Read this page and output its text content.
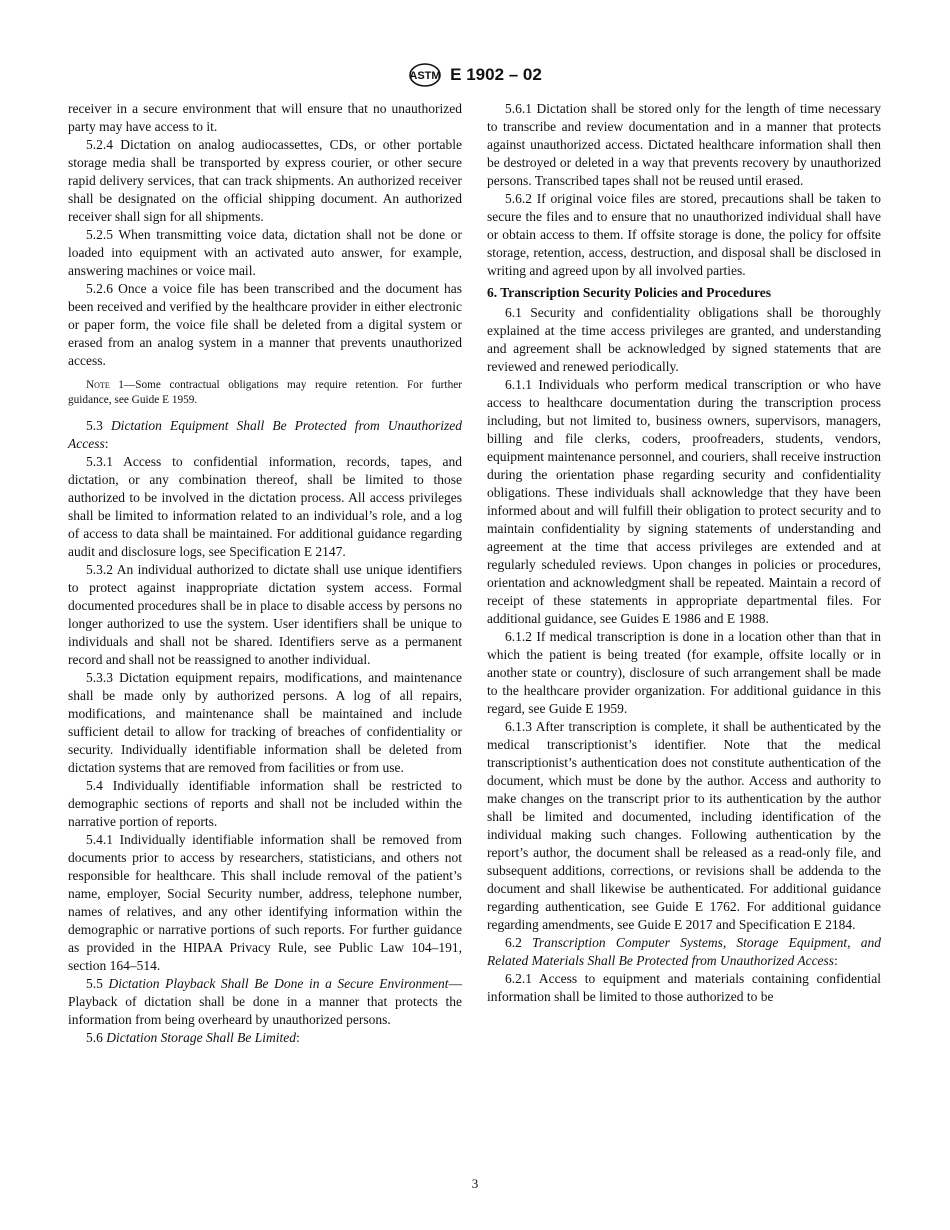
ASTM E 1902 – 02

receiver in a secure environment that will ensure that no unauthorized party may have access to it.

5.2.4 Dictation on analog audiocassettes, CDs, or other portable storage media shall be transported by express courier, or other secure rapid delivery services, that can track shipments. An authorized receiver shall be designated on the official shipping document. An authorized receiver shall sign for all shipments.

5.2.5 When transmitting voice data, dictation shall not be done or loaded into equipment with an activated auto answer, for example, answering machines or voice mail.

5.2.6 Once a voice file has been transcribed and the document has been received and verified by the healthcare provider in either electronic or paper form, the voice file shall be deleted from a digital system or erased from an analog system in a manner that prevents unauthorized access.

Note 1—Some contractual obligations may require retention. For further guidance, see Guide E 1959.

5.3 Dictation Equipment Shall Be Protected from Unauthorized Access:

5.3.1 Access to confidential information, records, tapes, and dictation, or any combination thereof, shall be limited to those authorized to be involved in the dictation process. All access privileges shall be limited to information related to an individual’s role, and a log of access to data shall be maintained. For additional guidance regarding audit and disclosure logs, see Specification E 2147.

5.3.2 An individual authorized to dictate shall use unique identifiers to protect against inappropriate dictation system access. Formal documented procedures shall be in place to disable access by persons no longer authorized to use the system. User identifiers shall be unique to individuals and shall not be shared. Identifiers serve as a permanent record and shall not be reassigned to another individual.

5.3.3 Dictation equipment repairs, modifications, and maintenance shall be made only by authorized persons. A log of all repairs, modifications, and maintenance shall be maintained and include sufficient detail to allow for tracking of breaches of confidentiality or security. Individually identifiable information shall be deleted from dictation systems that are removed from facilities or from use.

5.4 Individually identifiable information shall be restricted to demographic sections of reports and shall not be included within the narrative portion of reports.

5.4.1 Individually identifiable information shall be removed from documents prior to access by researchers, statisticians, and others not responsible for healthcare. This shall include removal of the patient’s name, employer, Social Security number, address, telephone number, names of relatives, and any other identifying information within the demographic or narrative portions of such reports. For further guidance as provided in the HIPAA Privacy Rule, see Public Law 104–191, section 164–514.

5.5 Dictation Playback Shall Be Done in a Secure Environment—Playback of dictation shall be done in a manner that protects the information from being overheard by unauthorized persons.

5.6 Dictation Storage Shall Be Limited:

5.6.1 Dictation shall be stored only for the length of time necessary to transcribe and review documentation and in a manner that protects against unauthorized access. Dictated healthcare information shall then be destroyed or deleted in a way that prevents recovery by unauthorized persons. Transcribed tapes shall not be reused until erased.

5.6.2 If original voice files are stored, precautions shall be taken to secure the files and to ensure that no unauthorized individual shall have or obtain access to them. If offsite storage is done, the policy for offsite storage, retention, access, destruction, and disposal shall be disclosed in writing and agreed upon by all involved parties.

6. Transcription Security Policies and Procedures

6.1 Security and confidentiality obligations shall be thoroughly explained at the time access privileges are granted, and understanding and agreement shall be acknowledged by signed statements that are reviewed and renewed periodically.

6.1.1 Individuals who perform medical transcription or who have access to healthcare documentation during the transcription process including, but not limited to, business owners, supervisors, managers, billing and file clerks, coders, proofreaders, students, vendors, equipment maintenance personnel, and couriers, shall receive instruction during the orientation phase regarding security and confidentiality obligations. These individuals shall acknowledge that they have been informed about and will fulfill their obligation to protect security and to maintain confidentiality by signing statements of understanding and agreement at the time that access privileges are extended and at regularly scheduled reviews. Upon changes in policies or procedures, orientation and acknowledgment shall be repeated. Maintain a record of receipt of these statements in appropriate departmental files. For additional guidance, see Guides E 1986 and E 1988.

6.1.2 If medical transcription is done in a location other than that in which the patient is being treated (for example, offsite locally or in another state or country), disclosure of such arrangement shall be made to the healthcare provider organization. For additional guidance in this regard, see Guide E 1959.

6.1.3 After transcription is complete, it shall be authenticated by the medical transcriptionist’s identifier. Note that the medical transcriptionist’s authentication does not constitute authentication of the document, which must be done by the author. Access and authority to make changes on the transcript prior to its authentication by the author shall be limited and documented, including identification of the individual making such changes. Following authentication by the report’s author, the document shall be released as a read-only file, and subsequent additions, corrections, or revisions shall be addenda to the document and shall likewise be authenticated. For additional guidance regarding authentication, see Guide E 1762. For additional guidance regarding amendments, see Guide E 2017 and Specification E 2184.

6.2 Transcription Computer Systems, Storage Equipment, and Related Materials Shall Be Protected from Unauthorized Access:

6.2.1 Access to equipment and materials containing confidential information shall be limited to those authorized to be

3
